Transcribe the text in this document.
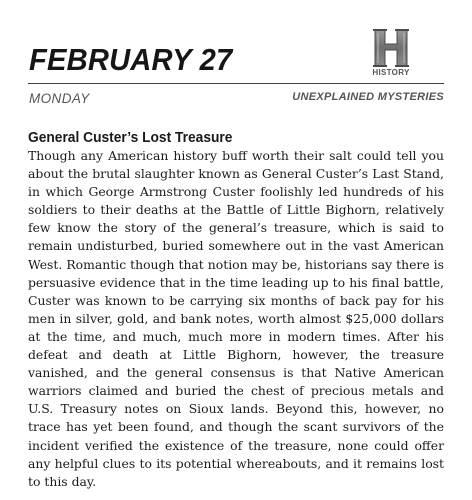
FEBRUARY 27	HISTORY
MONDAY	UNEXPLAINED MYSTERIES
General Custer’s Lost Treasure
Though any American history buff worth their salt could tell you about the brutal slaughter known as General Custer’s Last Stand, in which George Armstrong Custer foolishly led hundreds of his soldiers to their deaths at the Battle of Little Bighorn, relatively few know the story of the general’s treasure, which is said to remain undisturbed, buried somewhere out in the vast American West. Romantic though that notion may be, historians say there is persuasive evidence that in the time leading up to his final battle, Custer was known to be carrying six months of back pay for his men in silver, gold, and bank notes, worth almost $25,000 dollars at the time, and much, much more in modern times. After his defeat and death at Little Bighorn, however, the treasure vanished, and the general consensus is that Native American warriors claimed and buried the chest of precious metals and U.S. Treasury notes on Sioux lands. Beyond this, however, no trace has yet been found, and though the scant survivors of the incident verified the existence of the treasure, none could offer any helpful clues to its potential whereabouts, and it remains lost to this day.
